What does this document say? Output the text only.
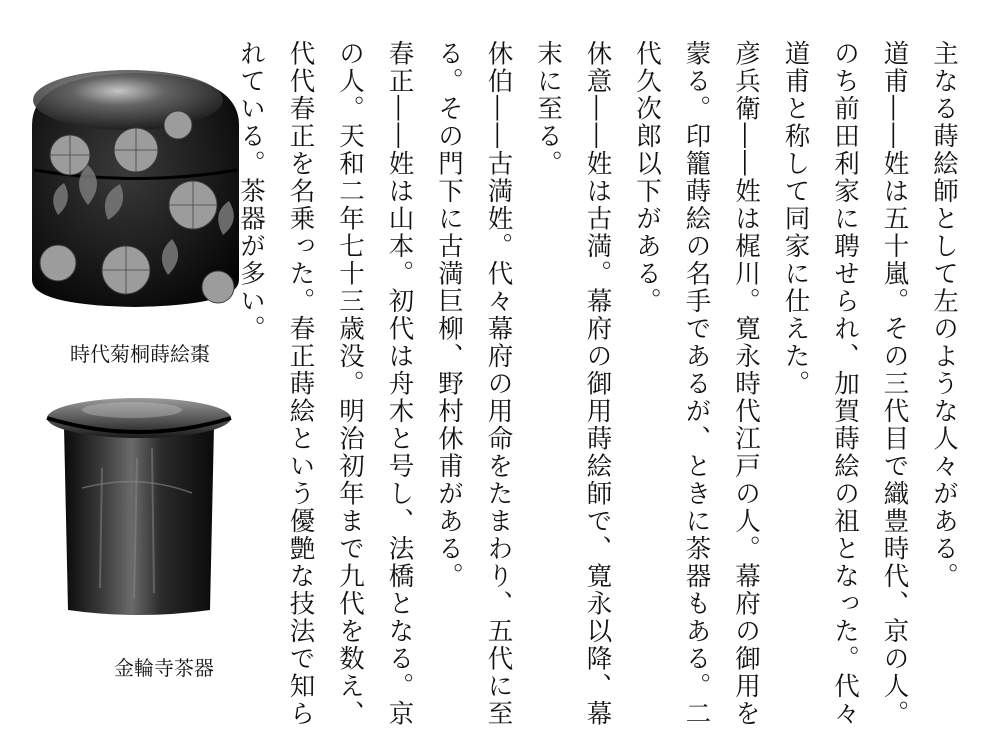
時代菊桐蒔絵棗
金輪寺茶器

主なる蒔絵師として左のような人々がある。

道甫――姓は五十嵐。その三代目で織豊時代、京の人。のち前田利家に聘せられ、加賀蒔絵の祖となった。代々道甫と称して同家に仕えた。

彦兵衛――姓は梶川。寛永時代江戸の人。幕府の御用を蒙る。印籠蒔絵の名手であるが、ときに茶器もある。二代久次郎以下がある。

休意――姓は古満。幕府の御用蒔絵師で、寛永以降、幕末に至る。

休伯――古満姓。代々幕府の用命をたまわり、五代に至る。その門下に古満巨柳、野村休甫がある。

春正――姓は山本。初代は舟木と号し、法橋となる。京の人。天和二年七十三歳没。明治初年まで九代を数え、代代春正を名乗った。春正蒔絵という優艶な技法で知られている。茶器が多い。
